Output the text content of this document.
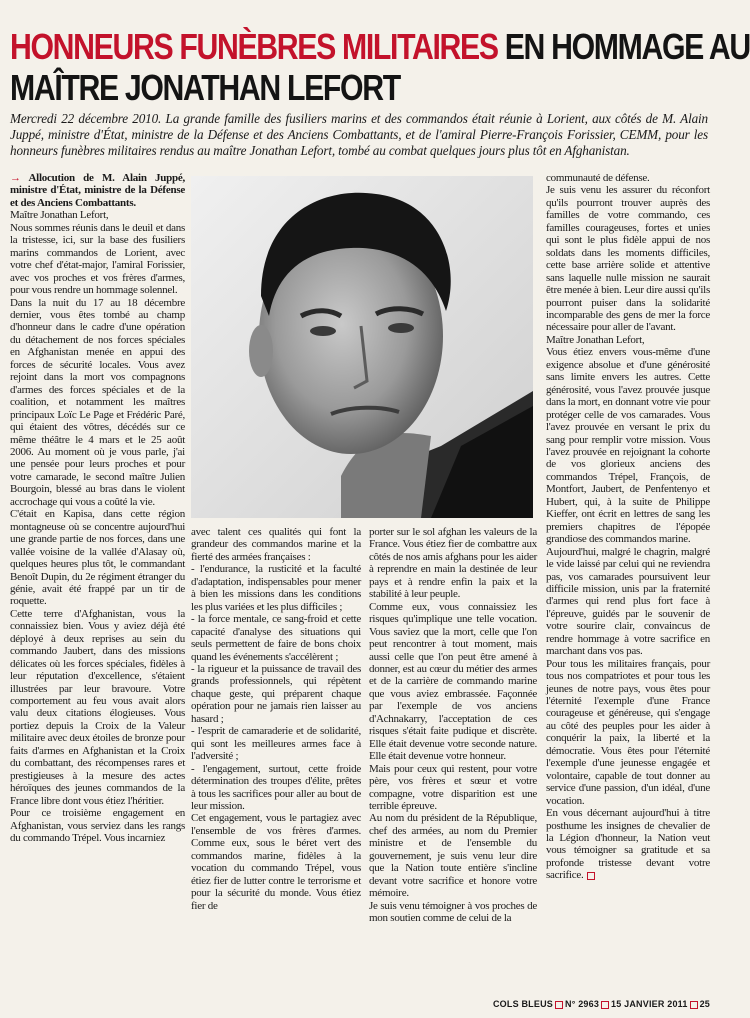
HONNEURS FUNÈBRES MILITAIRES EN HOMMAGE AU
MAÎTRE JONATHAN LEFORT
Mercredi 22 décembre 2010. La grande famille des fusiliers marins et des commandos était réunie à Lorient, aux côtés de M. Alain Juppé, ministre d'État, ministre de la Défense et des Anciens Combattants, et de l'amiral Pierre-François Forissier, CEMM, pour les honneurs funèbres militaires rendus au maître Jonathan Lefort, tombé au combat quelques jours plus tôt en Afghanistan.

→ Allocution de M. Alain Juppé, ministre d'État, ministre de la Défense et des Anciens Combattants.

Maître Jonathan Lefort,

Nous sommes réunis dans le deuil et dans la tristesse, ici, sur la base des fusiliers marins commandos de Lorient, avec votre chef d'état-major, l'amiral Forissier, avec vos proches et vos frères d'armes, pour vous rendre un hommage solennel.

Dans la nuit du 17 au 18 décembre dernier, vous êtes tombé au champ d'honneur dans le cadre d'une opération du détachement de nos forces spéciales en Afghanistan menée en appui des forces de sécurité locales. Vous avez rejoint dans la mort vos compagnons d'armes des forces spéciales et de la coalition, et notamment les maîtres principaux Loïc Le Page et Frédéric Paré, qui étaient des vôtres, décédés sur ce même théâtre le 4 mars et le 25 août 2006. Au moment où je vous parle, j'ai une pensée pour leurs proches et pour votre camarade, le second maître Julien Bourgoin, blessé au bras dans le violent accrochage qui vous a coûté la vie.

C'était en Kapisa, dans cette région montagneuse où se concentre aujourd'hui une grande partie de nos forces, dans une vallée voisine de la vallée d'Alasay où, quelques heures plus tôt, le commandant Benoît Dupin, du 2e régiment étranger du génie, avait été frappé par un tir de roquette.

Cette terre d'Afghanistan, vous la connaissiez bien. Vous y aviez déjà été déployé à deux reprises au sein du commando Jaubert, dans des missions délicates où les forces spéciales, fidèles à leur réputation d'excellence, s'étaient illustrées par leur bravoure. Votre comportement au feu vous avait alors valu deux citations élogieuses. Vous portiez depuis la Croix de la Valeur militaire avec deux étoiles de bronze pour faits d'armes en Afghanistan et la Croix du combattant, des récompenses rares et prestigieuses à la mesure des actes héroïques des jeunes commandos de la France libre dont vous étiez l'héritier.

Pour ce troisième engagement en Afghanistan, vous serviez dans les rangs du commando Trépel. Vous incarniez

avec talent ces qualités qui font la grandeur des commandos marine et la fierté des armées françaises :

- l'endurance, la rusticité et la faculté d'adaptation, indispensables pour mener à bien les missions dans les conditions les plus variées et les plus difficiles ;

- la force mentale, ce sang-froid et cette capacité d'analyse des situations qui seuls permettent de faire de bons choix quand les événements s'accélèrent ;

- la rigueur et la puissance de travail des grands professionnels, qui répètent chaque geste, qui préparent chaque opération pour ne jamais rien laisser au hasard ;

- l'esprit de camaraderie et de solidarité, qui sont les meilleures armes face à l'adversité ;

- l'engagement, surtout, cette froide détermination des troupes d'élite, prêtes à tous les sacrifices pour aller au bout de leur mission.

Cet engagement, vous le partagiez avec l'ensemble de vos frères d'armes. Comme eux, sous le béret vert des commandos marine, fidèles à la vocation du commando Trépel, vous étiez fier de lutter contre le terrorisme et pour la sécurité du monde. Vous étiez fier de

porter sur le sol afghan les valeurs de la France. Vous étiez fier de combattre aux côtés de nos amis afghans pour les aider à reprendre en main la destinée de leur pays et à rendre enfin la paix et la stabilité à leur peuple.

Comme eux, vous connaissiez les risques qu'implique une telle vocation. Vous saviez que la mort, celle que l'on peut rencontrer à tout moment, mais aussi celle que l'on peut être amené à donner, est au cœur du métier des armes et de la carrière de commando marine que vous aviez embrassée. Façonnée par l'exemple de vos anciens d'Achnakarry, l'acceptation de ces risques s'était faite pudique et discrète. Elle était devenue votre seconde nature. Elle était devenue votre honneur.

Mais pour ceux qui restent, pour votre père, vos frères et sœur et votre compagne, votre disparition est une terrible épreuve.

Au nom du président de la République, chef des armées, au nom du Premier ministre et de l'ensemble du gouvernement, je suis venu leur dire que la Nation toute entière s'incline devant votre sacrifice et honore votre mémoire.

Je suis venu témoigner à vos proches de mon soutien comme de celui de la

communauté de défense.

Je suis venu les assurer du réconfort qu'ils pourront trouver auprès des familles de votre commando, ces familles courageuses, fortes et unies qui sont le plus fidèle appui de nos soldats dans les moments difficiles, cette base arrière solide et attentive sans laquelle nulle mission ne saurait être menée à bien. Leur dire aussi qu'ils pourront puiser dans la solidarité incomparable des gens de mer la force nécessaire pour aller de l'avant.

Maître Jonathan Lefort,

Vous étiez envers vous-même d'une exigence absolue et d'une générosité sans limite envers les autres. Cette générosité, vous l'avez prouvée jusque dans la mort, en donnant votre vie pour protéger celle de vos camarades. Vous l'avez prouvée en versant le prix du sang pour remplir votre mission. Vous l'avez prouvée en rejoignant la cohorte de vos glorieux anciens des commandos Trépel, François, de Montfort, Jaubert, de Penfentenyo et Hubert, qui, à la suite de Philippe Kieffer, ont écrit en lettres de sang les premiers chapitres de l'épopée grandiose des commandos marine.

Aujourd'hui, malgré le chagrin, malgré le vide laissé par celui qui ne reviendra pas, vos camarades poursuivent leur difficile mission, unis par la fraternité d'armes qui rend plus fort face à l'épreuve, guidés par le souvenir de votre sourire clair, convaincus de rendre hommage à votre sacrifice en marchant dans vos pas.

Pour tous les militaires français, pour tous nos compatriotes et pour tous les jeunes de notre pays, vous êtes pour l'éternité l'exemple d'une France courageuse et généreuse, qui s'engage au côté des peuples pour les aider à conquérir la paix, la liberté et la démocratie. Vous êtes pour l'éternité l'exemple d'une jeunesse engagée et volontaire, capable de tout donner au service d'une passion, d'un idéal, d'une vocation.

En vous décernant aujourd'hui à titre posthume les insignes de chevalier de la Légion d'honneur, la Nation veut vous témoigner sa gratitude et sa profonde tristesse devant votre sacrifice.

COLS BLEUS N° 2963 15 JANVIER 2011 25
